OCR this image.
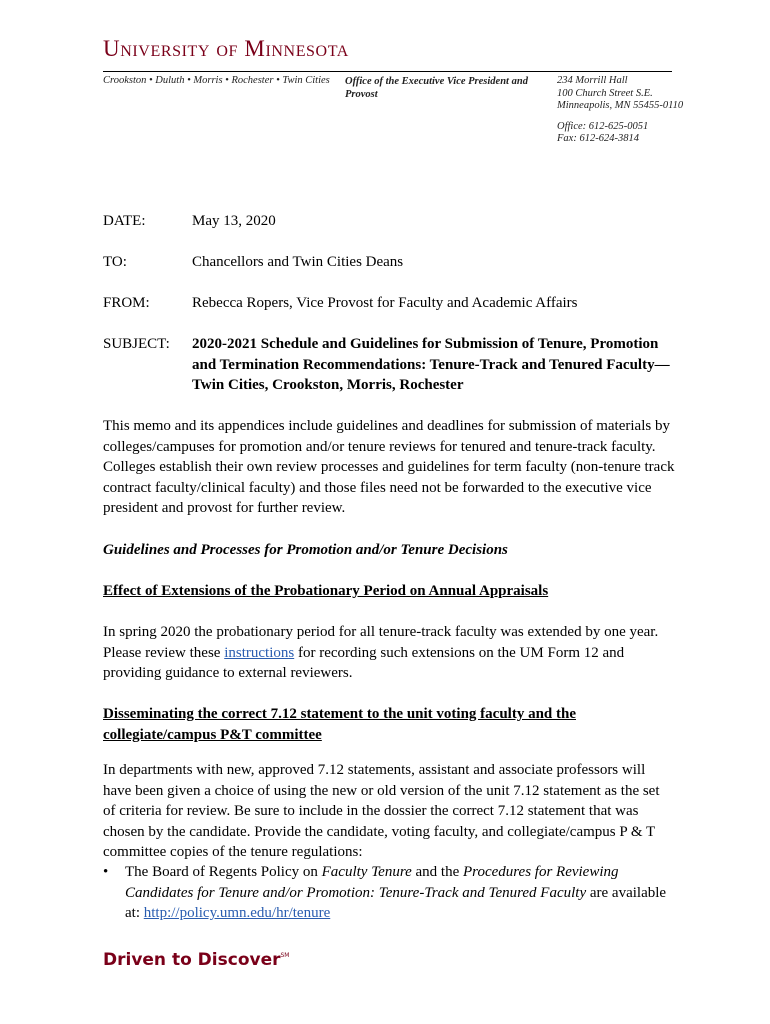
University of Minnesota
Crookston • Duluth • Morris • Rochester • Twin Cities Office of the Executive Vice President and Provost
234 Morrill Hall
100 Church Street S.E.
Minneapolis, MN 55455-0110
Office: 612-625-0051
Fax: 612-624-3814
DATE:	May 13, 2020
TO:	Chancellors and Twin Cities Deans
FROM:	Rebecca Ropers, Vice Provost for Faculty and Academic Affairs
SUBJECT:	2020-2021 Schedule and Guidelines for Submission of Tenure, Promotion and Termination Recommendations: Tenure-Track and Tenured Faculty—Twin Cities, Crookston, Morris, Rochester
This memo and its appendices include guidelines and deadlines for submission of materials by colleges/campuses for promotion and/or tenure reviews for tenured and tenure-track faculty. Colleges establish their own review processes and guidelines for term faculty (non-tenure track contract faculty/clinical faculty) and those files need not be forwarded to the executive vice president and provost for further review.
Guidelines and Processes for Promotion and/or Tenure Decisions
Effect of Extensions of the Probationary Period on Annual Appraisals
In spring 2020 the probationary period for all tenure-track faculty was extended by one year. Please review these instructions for recording such extensions on the UM Form 12 and providing guidance to external reviewers.
Disseminating the correct 7.12 statement to the unit voting faculty and the
collegiate/campus P&T committee
In departments with new, approved 7.12 statements, assistant and associate professors will have been given a choice of using the new or old version of the unit 7.12 statement as the set of criteria for review. Be sure to include in the dossier the correct 7.12 statement that was chosen by the candidate. Provide the candidate, voting faculty, and collegiate/campus P & T committee copies of the tenure regulations:
• The Board of Regents Policy on Faculty Tenure and the Procedures for Reviewing Candidates for Tenure and/or Promotion: Tenure-Track and Tenured Faculty are available at: http://policy.umn.edu/hr/tenure
Driven to Discover℠
